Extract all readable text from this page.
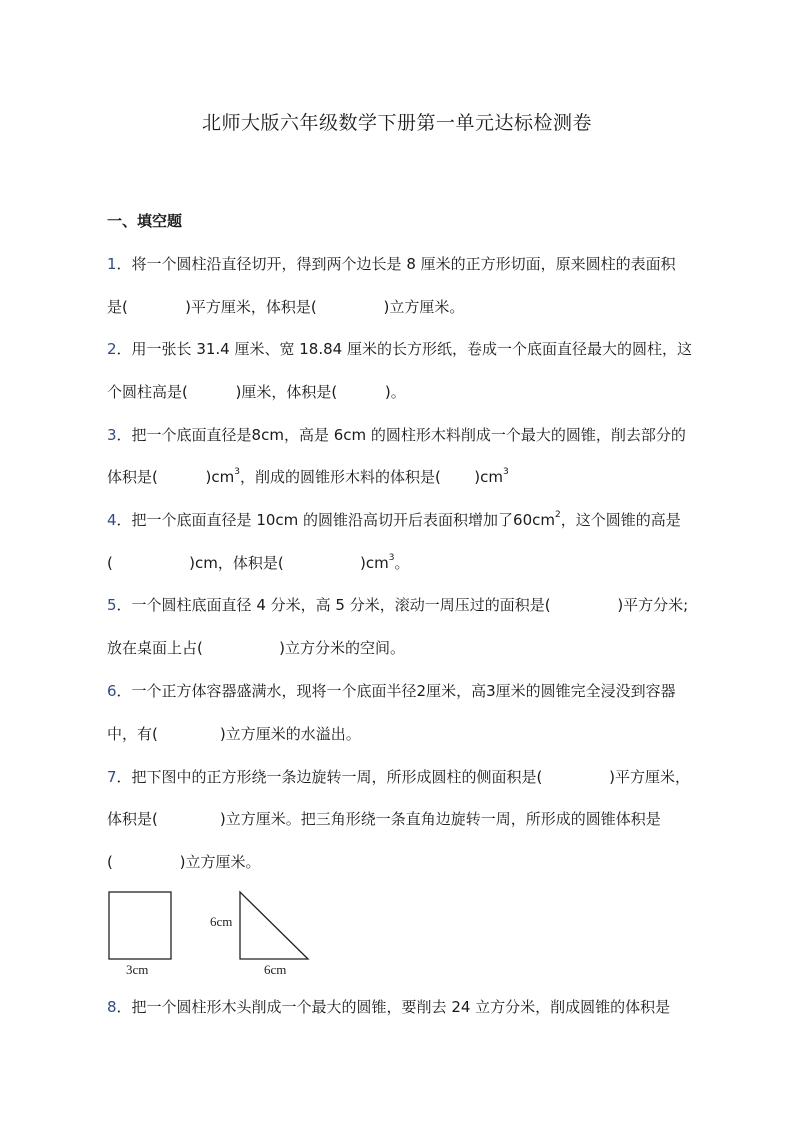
北师大版六年级数学下册第一单元达标检测卷
一、填空题
1．将一个圆柱沿直径切开，得到两个边长是 8 厘米的正方形切面，原来圆柱的表面积
是(            )平方厘米，体积是(              )立方厘米。
2．用一张长 31.4 厘米、宽 18.84 厘米的长方形纸，卷成一个底面直径最大的圆柱，这
个圆柱高是(          )厘米，体积是(          )。
3．把一个底面直径是8cm，高是 6cm 的圆柱形木料削成一个最大的圆锥，削去部分的
体积是(          )$cm^3$，削成的圆锥形木料的体积是(       )$cm^3$
4．把一个底面直径是 10cm 的圆锥沿高切开后表面积增加了$60cm^2$，这个圆锥的高是
(                )cm，体积是(                )$cm^3$。
5．一个圆柱底面直径 4 分米，高 5 分米，滚动一周压过的面积是(              )平方分米;
放在桌面上占(                )立方分米的空间。
6．一个正方体容器盛满水，现将一个底面半径2厘米，高3厘米的圆锥完全浸没到容器
中，有(             )立方厘米的水溢出。
7．把下图中的正方形绕一条边旋转一周，所形成圆柱的侧面积是(              )平方厘米，
体积是(             )立方厘米。把三角形绕一条直角边旋转一周，所形成的圆锥体积是
(              )立方厘米。
3cm
6cm
6cm
8．把一个圆柱形木头削成一个最大的圆锥，要削去 24 立方分米，削成圆锥的体积是
